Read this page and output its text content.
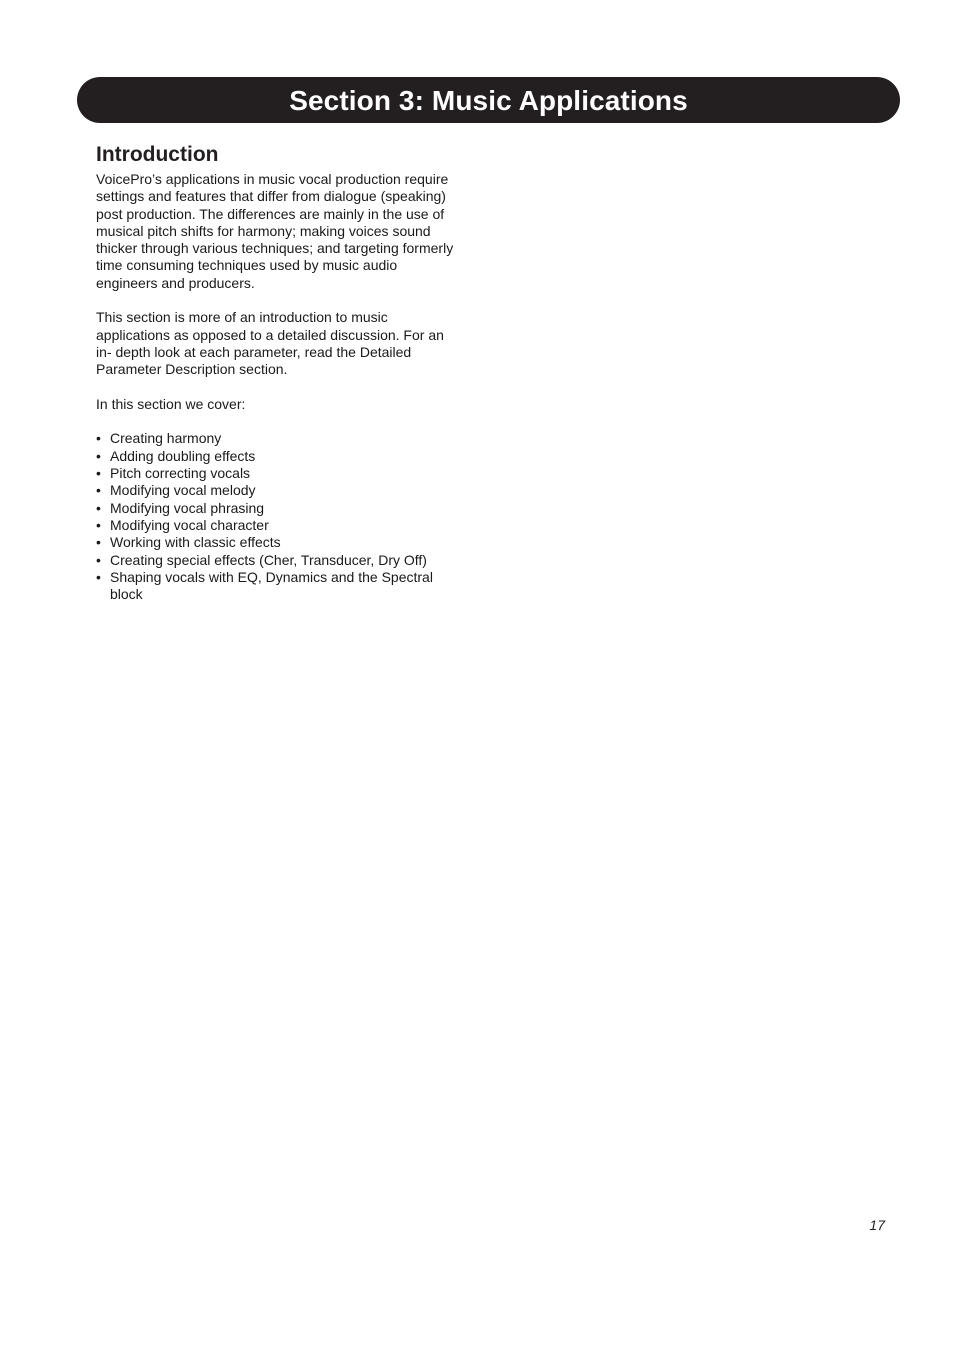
Section 3: Music Applications
Introduction

VoicePro’s applications in music vocal production require
settings and features that differ from dialogue (speaking)
post production. The differences are mainly in the use of
musical pitch shifts for harmony; making voices sound
thicker through various techniques; and targeting formerly
time consuming techniques used by music audio
engineers and producers.

This section is more of an introduction to music
applications as opposed to a detailed discussion. For an
in- depth look at each parameter, read the Detailed
Parameter Description section.

In this section we cover:

• Creating harmony
• Adding doubling effects
• Pitch correcting vocals
• Modifying vocal melody
• Modifying vocal phrasing
• Modifying vocal character
• Working with classic effects
• Creating special effects (Cher, Transducer, Dry Off)
• Shaping vocals with EQ, Dynamics and the Spectral
block
17
